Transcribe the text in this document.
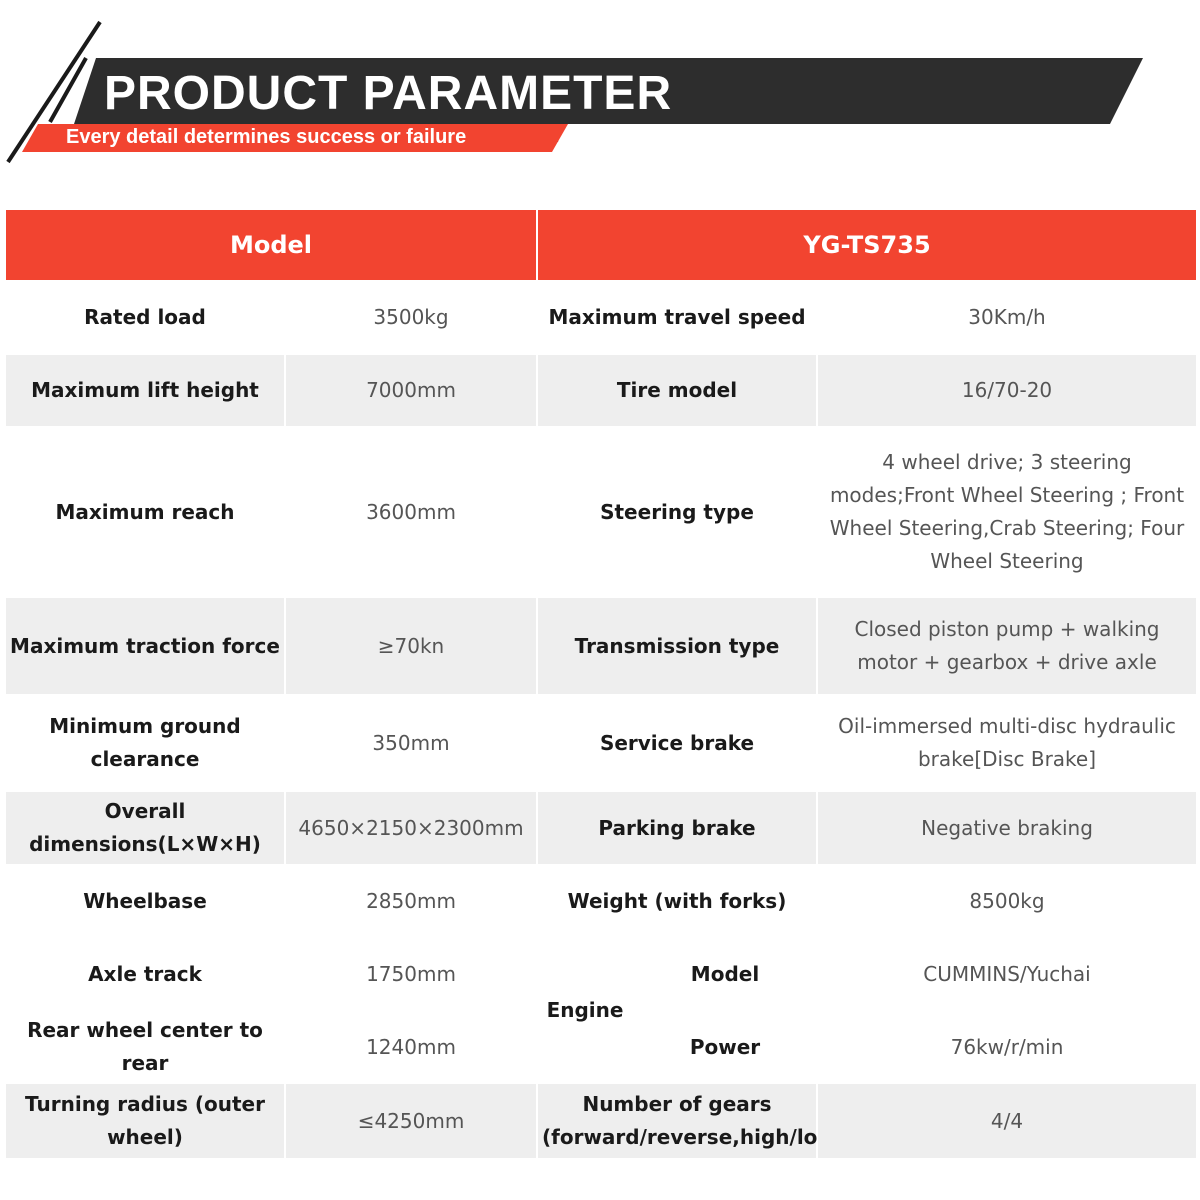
PRODUCT PARAMETER
Every detail determines success or failure
Model		YG-TS735		
Rated load	3500kg	Maximum travel speed		30Km/h
Maximum lift height	7000mm	Tire model		16/70-20
Maximum reach	3600mm	Steering type		4 wheel drive; 3 steering modes;Front Wheel Steering ; Front Wheel Steering,Crab Steering; Four Wheel Steering
Maximum traction force	≥70kn	Transmission type		Closed piston pump + walking motor + gearbox + drive axle
Minimum ground clearance	350mm	Service brake		Oil-immersed multi-disc hydraulic brake[Disc Brake]
Overall dimensions(L×W×H)	4650×2150×2300mm	Parking brake		Negative braking
Wheelbase	2850mm	Weight (with forks)		8500kg
Axle track	1750mm	Engine	Model	CUMMINS/Yuchai
Rear wheel center to rear	1240mm		Power	76kw/r/min
Turning radius (outer wheel)	≤4250mm	Number of gears (forward/reverse,high/lo		4/4
